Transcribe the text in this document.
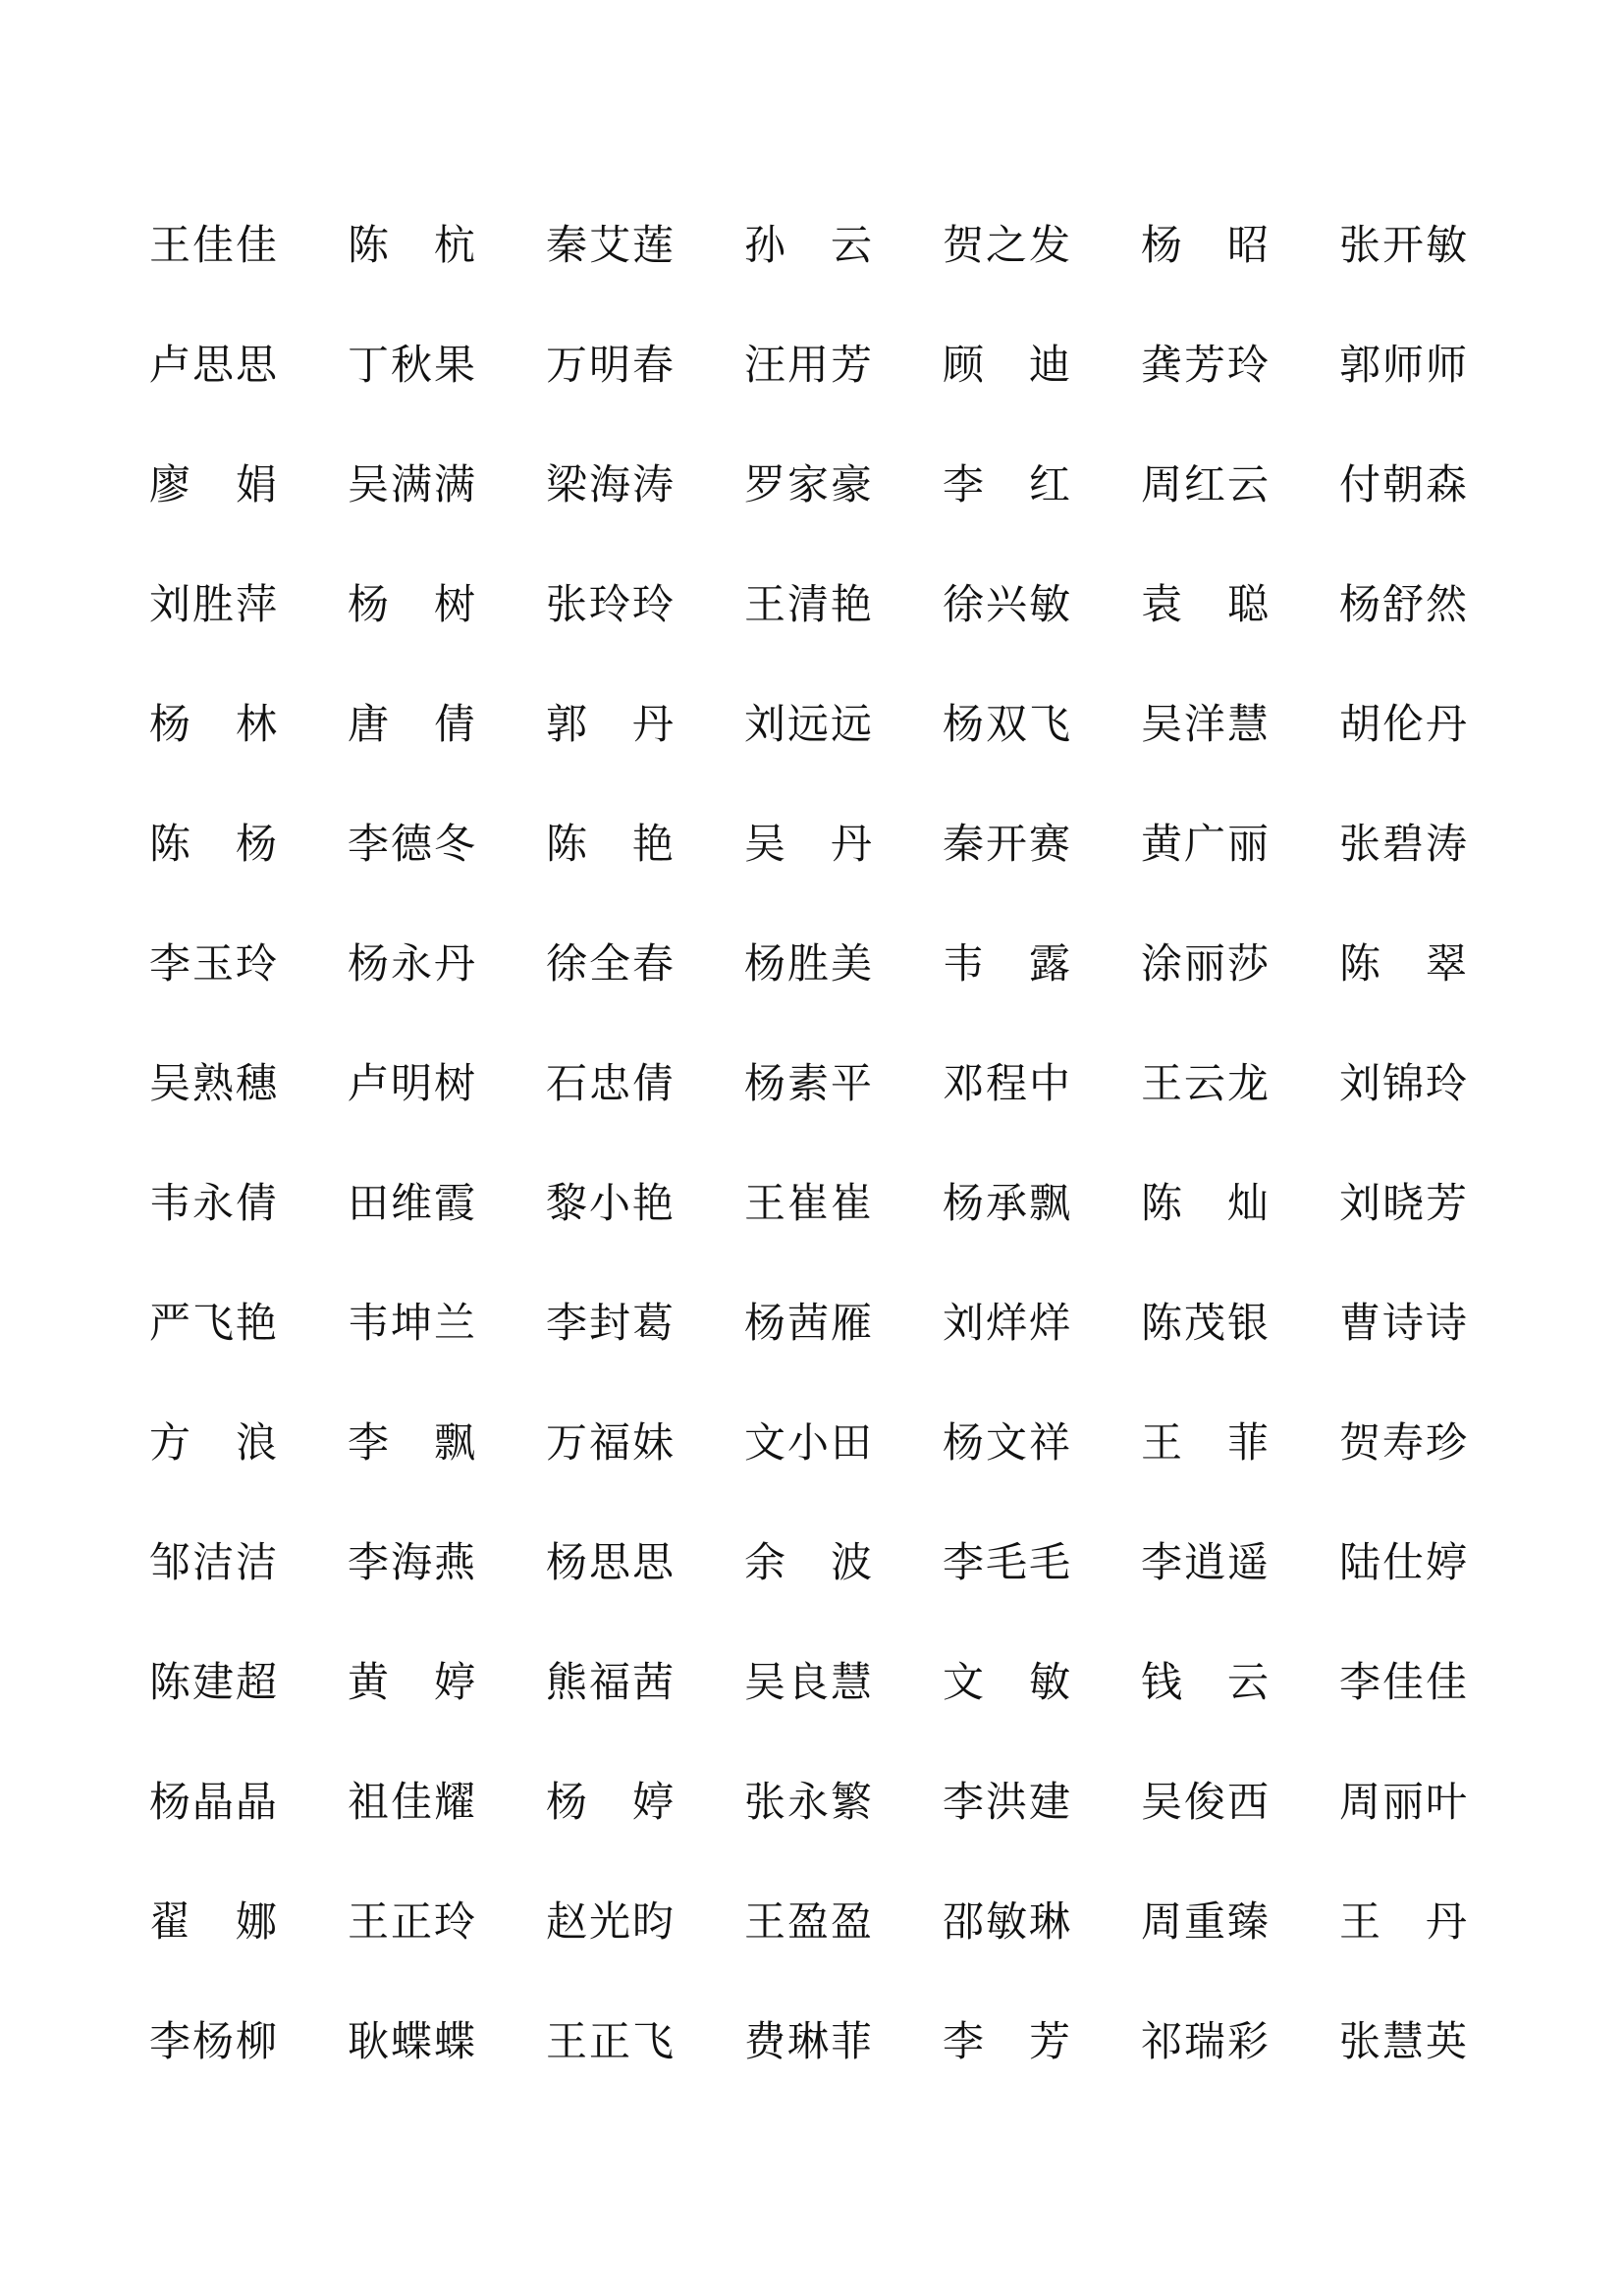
王佳佳 陈　杭 秦艾莲 孙　云 贺之发 杨　昭 张开敏
卢思思 丁秋果 万明春 汪用芳 顾　迪 龚芳玲 郭师师
廖　娟 吴满满 梁海涛 罗家豪 李　红 周红云 付朝森
刘胜萍 杨　树 张玲玲 王清艳 徐兴敏 袁　聪 杨舒然
杨　林 唐　倩 郭　丹 刘远远 杨双飞 吴洋慧 胡伦丹
陈　杨 李德冬 陈　艳 吴　丹 秦开赛 黄广丽 张碧涛
李玉玲 杨永丹 徐全春 杨胜美 韦　露 涂丽莎 陈　翠
吴熟穗 卢明树 石忠倩 杨素平 邓程中 王云龙 刘锦玲
韦永倩 田维霞 黎小艳 王崔崔 杨承飘 陈　灿 刘晓芳
严飞艳 韦坤兰 李封葛 杨茜雁 刘烊烊 陈茂银 曹诗诗
方　浪 李　飘 万福妹 文小田 杨文祥 王　菲 贺寿珍
邹洁洁 李海燕 杨思思 余　波 李毛毛 李逍遥 陆仕婷
陈建超 黄　婷 熊福茜 吴良慧 文　敏 钱　云 李佳佳
杨晶晶 祖佳耀 杨　婷 张永繁 李洪建 吴俊西 周丽叶
翟　娜 王正玲 赵光昀 王盈盈 邵敏琳 周重臻 王　丹
李杨柳 耿蝶蝶 王正飞 费琳菲 李　芳 祁瑞彩 张慧英
